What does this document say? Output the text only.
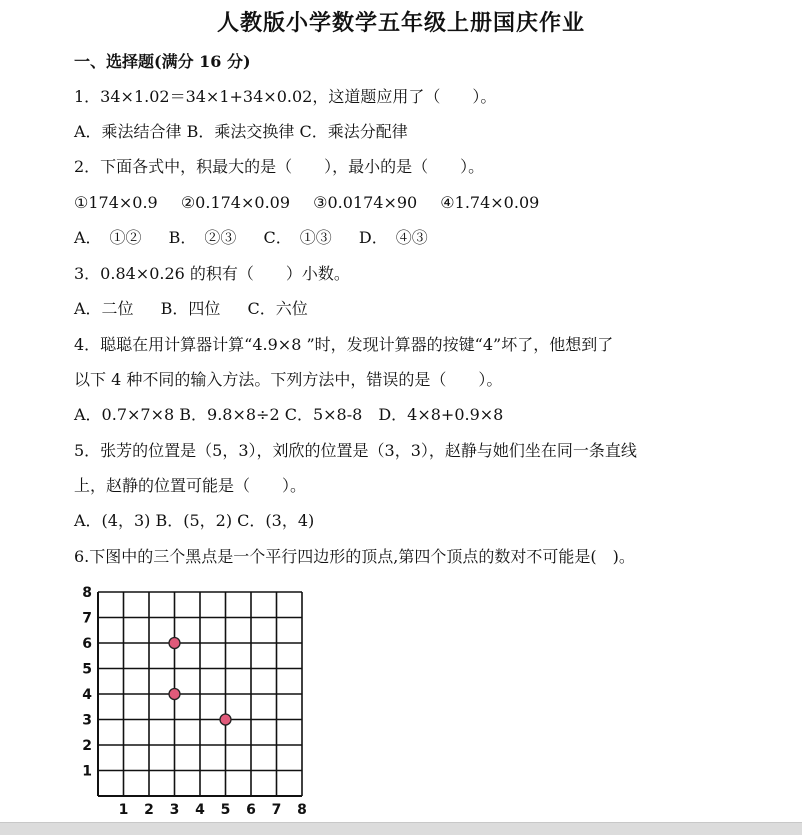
人教版小学数学五年级上册国庆作业
一、选择题(满分 16 分)
1．34×1.02＝34×1+34×0.02，这道题应用了（　　）。
A．乘法结合律 B．乘法交换律 C．乘法分配律
2．下面各式中，积最大的是（　　），最小的是（　　）。
①174×0.9 ②0.174×0.09 ③0.0174×90 ④1.74×0.09
A．　①② B．　②③ C．　①③ D．　④③
3．0.84×0.26 的积有（　　）小数。
A．二位 B．四位 C．六位
4．聪聪在用计算器计算“4.9×8 ”时，发现计算器的按键“4”坏了，他想到了
以下 4 种不同的输入方法。下列方法中，错误的是（　　）。
A．0.7×7×8 B．9.8×8÷2 C．5×8-8　D．4×8+0.9×8
5．张芳的位置是（5，3），刘欣的位置是（3，3），赵静与她们坐在同一条直线
上，赵静的位置可能是（　　）。
A．(4，3) B．(5，2) C．(3，4)
6.下图中的三个黑点是一个平行四边形的顶点,第四个顶点的数对不可能是(　)。
1 2 3 4 5 6 7 8
1
2
3
4
5
6
7
8
